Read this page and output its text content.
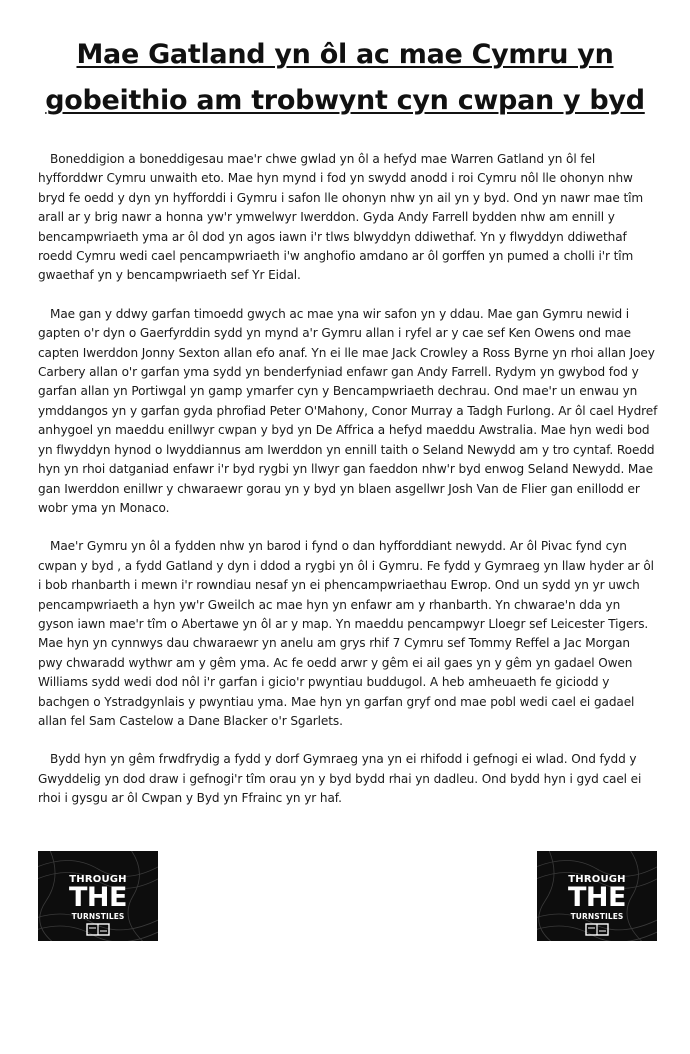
Mae Gatland yn ôl ac mae Cymru yn gobeithio am trobwynt cyn cwpan y byd

Boneddigion a boneddigesau mae'r chwe gwlad yn ôl a hefyd mae Warren Gatland yn ôl fel hyfforddwr Cymru unwaith eto. Mae hyn mynd i fod yn swydd anodd i roi Cymru nôl lle ohonyn nhw bryd fe oedd y dyn yn hyfforddi i Gymru i safon lle ohonyn nhw yn ail yn y byd. Ond yn nawr mae tîm arall ar y brig nawr a honna yw'r ymwelwyr Iwerddon. Gyda Andy Farrell bydden nhw am ennill y bencampwriaeth yma ar ôl dod yn agos iawn i'r tlws blwyddyn ddiwethaf. Yn y flwyddyn ddiwethaf roedd Cymru wedi cael pencampwriaeth i'w anghofio amdano ar ôl gorffen yn pumed a cholli i'r tîm gwaethaf yn y bencampwriaeth sef Yr Eidal.

Mae gan y ddwy garfan timoedd gwych ac mae yna wir safon yn y ddau. Mae gan Gymru newid i gapten o'r dyn o Gaerfyrddin sydd yn mynd a'r Gymru allan i ryfel ar y cae sef Ken Owens ond mae capten Iwerddon Jonny Sexton allan efo anaf. Yn ei lle mae Jack Crowley a Ross Byrne yn rhoi allan Joey Carbery allan o'r garfan yma sydd yn benderfyniad enfawr gan Andy Farrell. Rydym yn gwybod fod y garfan allan yn Portiwgal yn gamp ymarfer cyn y Bencampwriaeth dechrau. Ond mae'r un enwau yn ymddangos yn y garfan gyda phrofiad Peter O'Mahony, Conor Murray a Tadgh Furlong. Ar ôl cael Hydref anhygoel yn maeddu enillwyr cwpan y byd yn De Affrica a hefyd maeddu Awstralia. Mae hyn wedi bod yn flwyddyn hynod o lwyddiannus am Iwerddon yn ennill taith o Seland Newydd am y tro cyntaf. Roedd hyn yn rhoi datganiad enfawr i'r byd rygbi yn llwyr gan faeddon nhw'r byd enwog Seland Newydd. Mae gan Iwerddon enillwr y chwaraewr gorau yn y byd yn blaen asgellwr Josh Van de Flier gan enillodd er wobr yma yn Monaco.

Mae'r Gymru yn ôl a fydden nhw yn barod i fynd o dan hyfforddiant newydd. Ar ôl Pivac fynd cyn cwpan y byd , a fydd Gatland y dyn i ddod a rygbi yn ôl i Gymru. Fe fydd y Gymraeg yn llaw hyder ar ôl i bob rhanbarth i mewn i'r rowndiau nesaf yn ei phencampwriaethau Ewrop. Ond un sydd yn yr uwch pencampwriaeth a hyn yw'r Gweilch ac mae hyn yn enfawr am y rhanbarth. Yn chwarae'n dda yn gyson iawn mae'r tîm o Abertawe yn ôl ar y map. Yn maeddu pencampwyr Lloegr sef Leicester Tigers. Mae hyn yn cynnwys dau chwaraewr yn anelu am grys rhif 7 Cymru sef Tommy Reffel a Jac Morgan pwy chwaradd wythwr am y gêm yma. Ac fe oedd arwr y gêm ei ail gaes yn y gêm yn gadael Owen Williams sydd wedi dod nôl i'r garfan i gicio'r pwyntiau buddugol. A heb amheuaeth fe giciodd y bachgen o Ystradgynlais y pwyntiau yma. Mae hyn yn garfan gryf ond mae pobl wedi cael ei gadael allan fel Sam Castelow a Dane Blacker o'r Sgarlets.

Bydd hyn yn gêm frwdfrydig a fydd y dorf Gymraeg yna yn ei rhifodd i gefnogi ei wlad. Ond fydd y Gwyddelig yn dod draw i gefnogi'r tîm orau yn y byd bydd rhai yn dadleu. Ond bydd hyn i gyd cael ei rhoi i gysgu ar ôl Cwpan y Byd yn Ffrainc yn yr haf.

THROUGH
THE
TURNSTILES
THROUGH
THE
TURNSTILES
